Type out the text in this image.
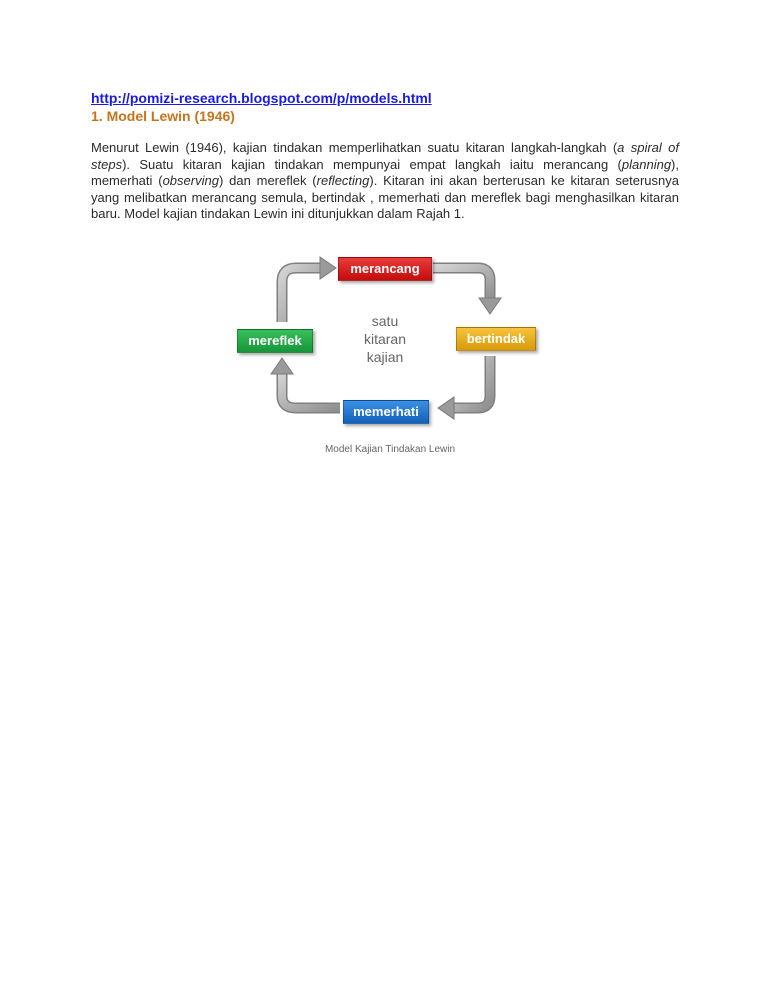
http://pomizi-research.blogspot.com/p/models.html
1. Model Lewin (1946)
Menurut Lewin (1946), kajian tindakan memperlihatkan suatu kitaran langkah-langkah (a spiral of steps). Suatu kitaran kajian tindakan mempunyai empat langkah iaitu merancang (planning), memerhati (observing) dan mereflek (reflecting). Kitaran ini akan berterusan ke kitaran seterusnya yang melibatkan merancang semula, bertindak , memerhati dan mereflek bagi menghasilkan kitaran baru. Model kajian tindakan Lewin ini ditunjukkan dalam Rajah 1.
merancang
bertindak
memerhati
mereflek
satu
kitaran
kajian
Model Kajian Tindakan Lewin
